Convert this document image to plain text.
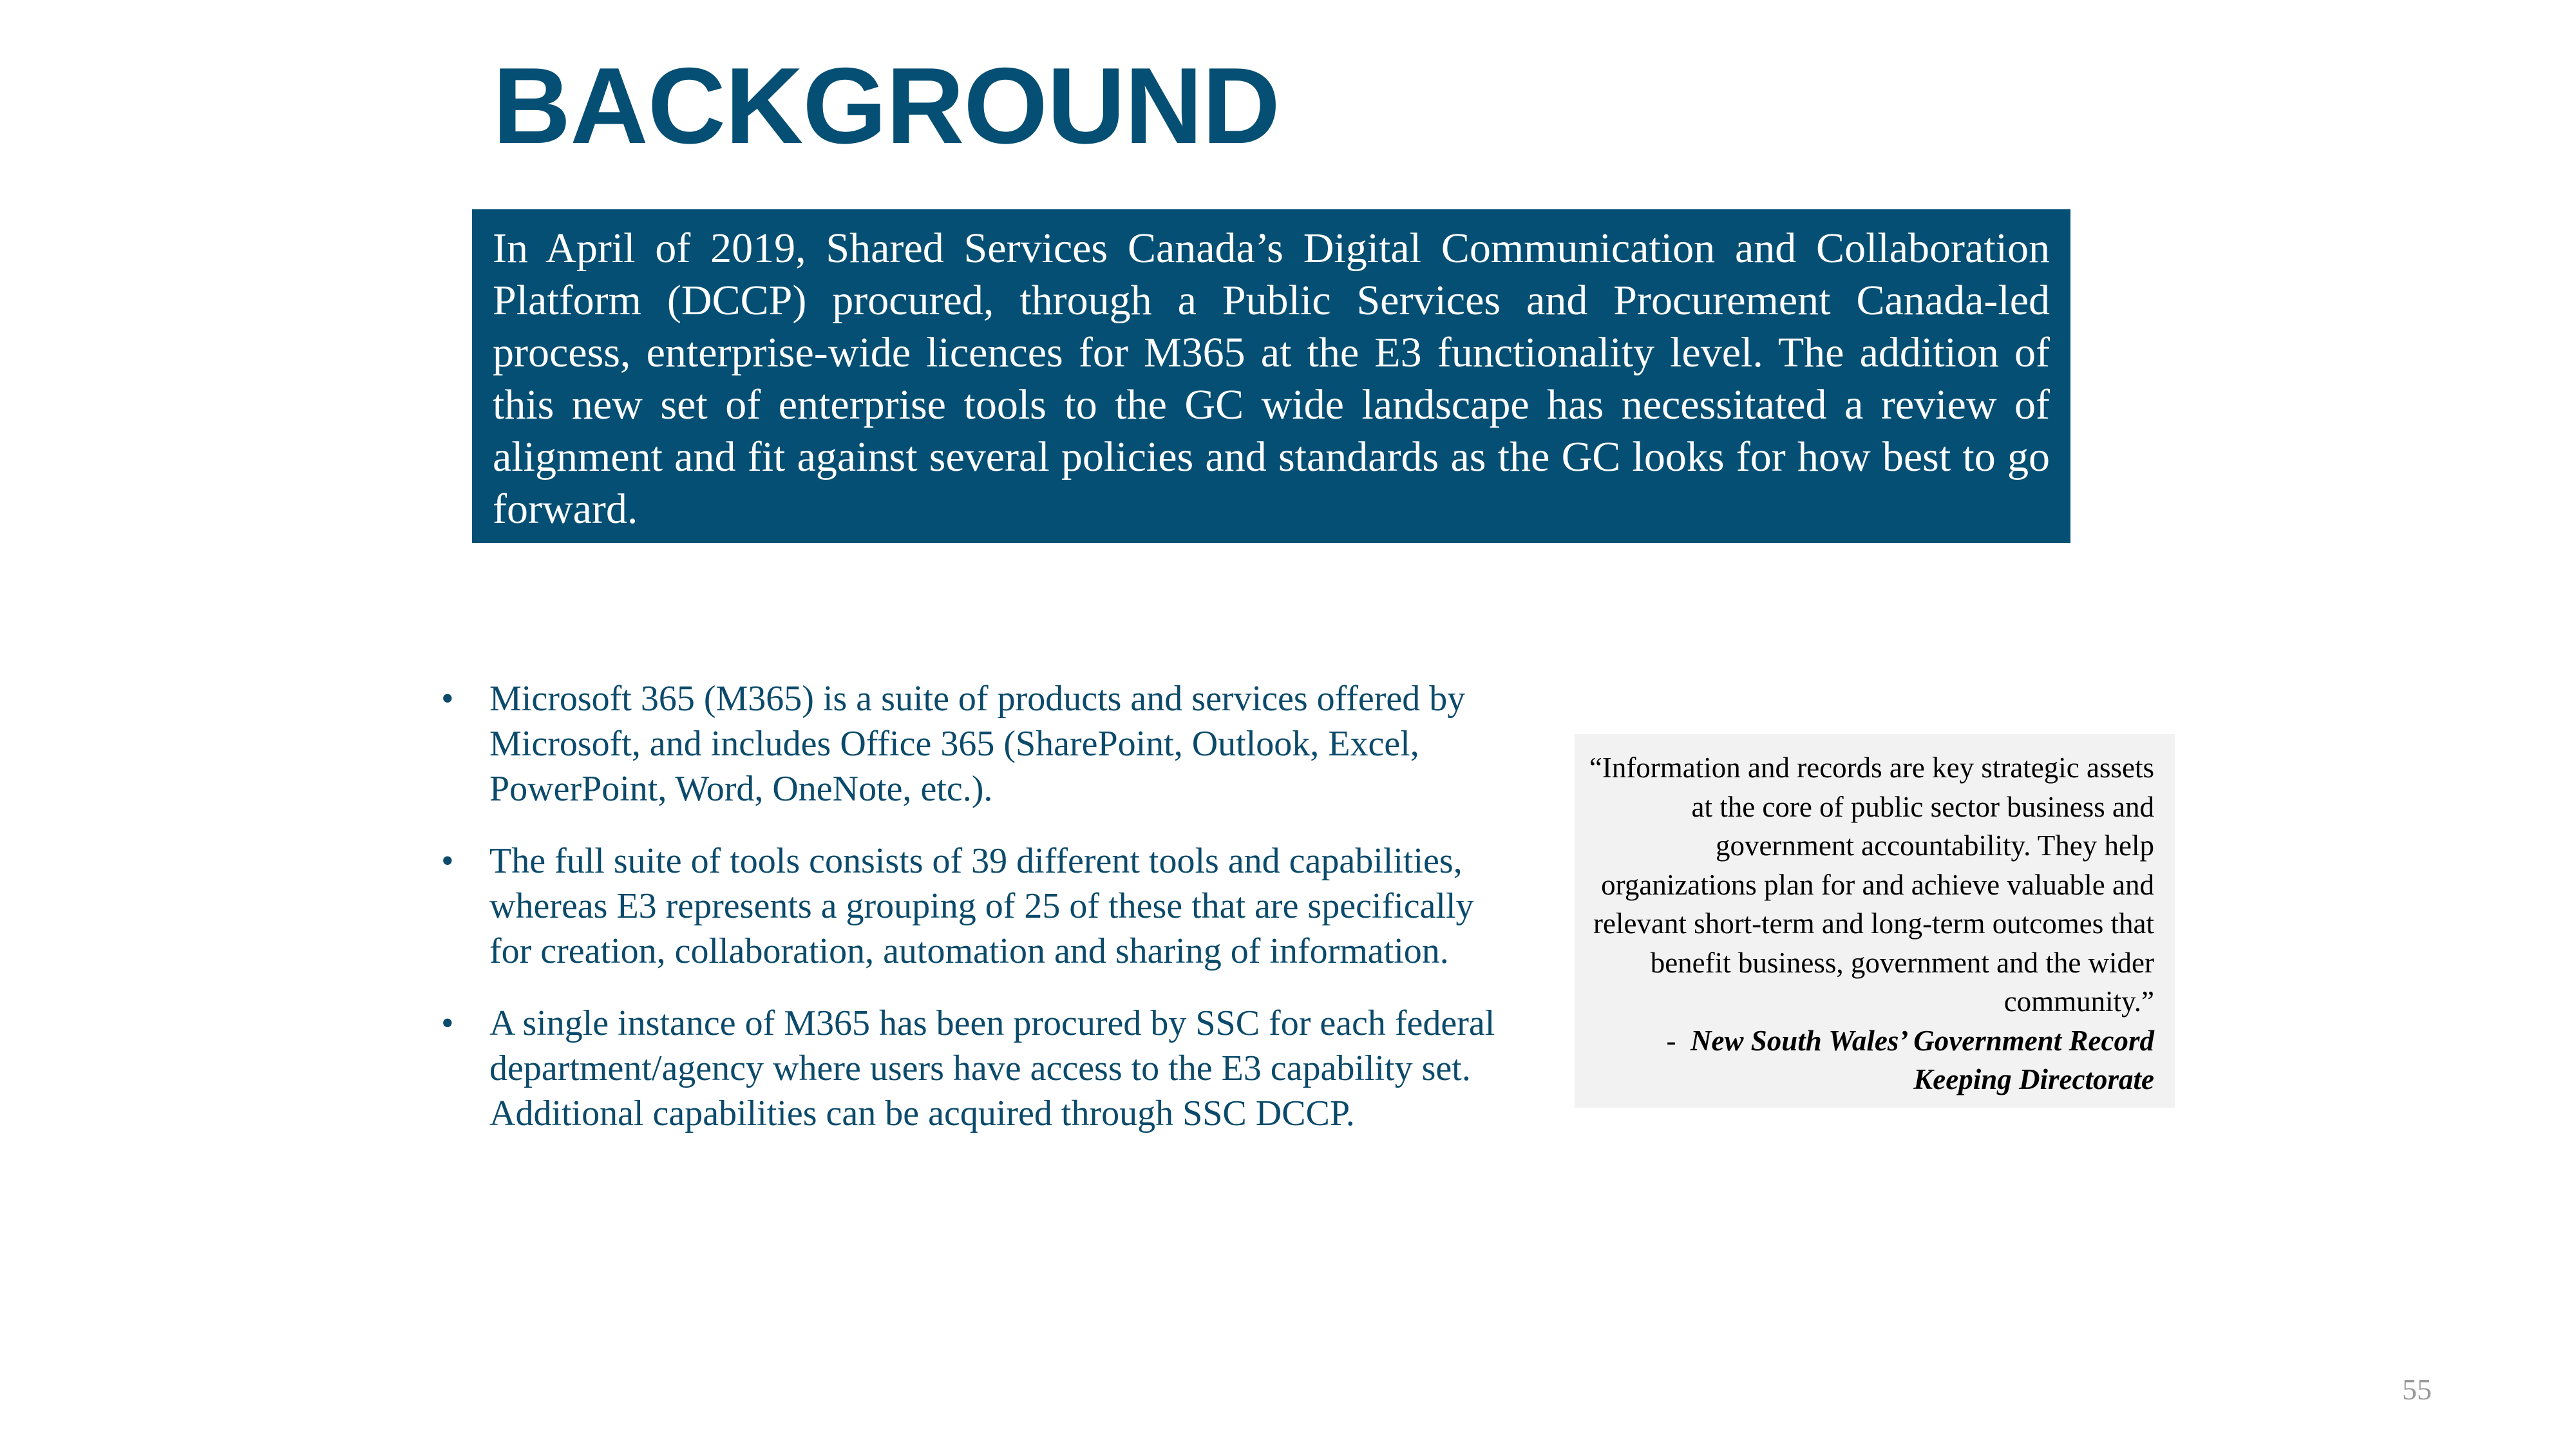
BACKGROUND

In April of 2019, Shared Services Canada’s Digital Communication and Collaboration Platform (DCCP) procured, through a Public Services and Procurement Canada-led process, enterprise-wide licences for M365 at the E3 functionality level. The addition of this new set of enterprise tools to the GC wide landscape has necessitated a review of alignment and fit against several policies and standards as the GC looks for how best to go forward.

• Microsoft 365 (M365) is a suite of products and services offered by Microsoft, and includes Office 365 (SharePoint, Outlook, Excel, PowerPoint, Word, OneNote, etc.).
• The full suite of tools consists of 39 different tools and capabilities, whereas E3 represents a grouping of 25 of these that are specifically for creation, collaboration, automation and sharing of information.
• A single instance of M365 has been procured by SSC for each federal department/agency where users have access to the E3 capability set. Additional capabilities can be acquired through SSC DCCP.

“Information and records are key strategic assets at the core of public sector business and government accountability. They help organizations plan for and achieve valuable and relevant short-term and long-term outcomes that benefit business, government and the wider community.”

- New South Wales’ Government Record Keeping Directorate

55
